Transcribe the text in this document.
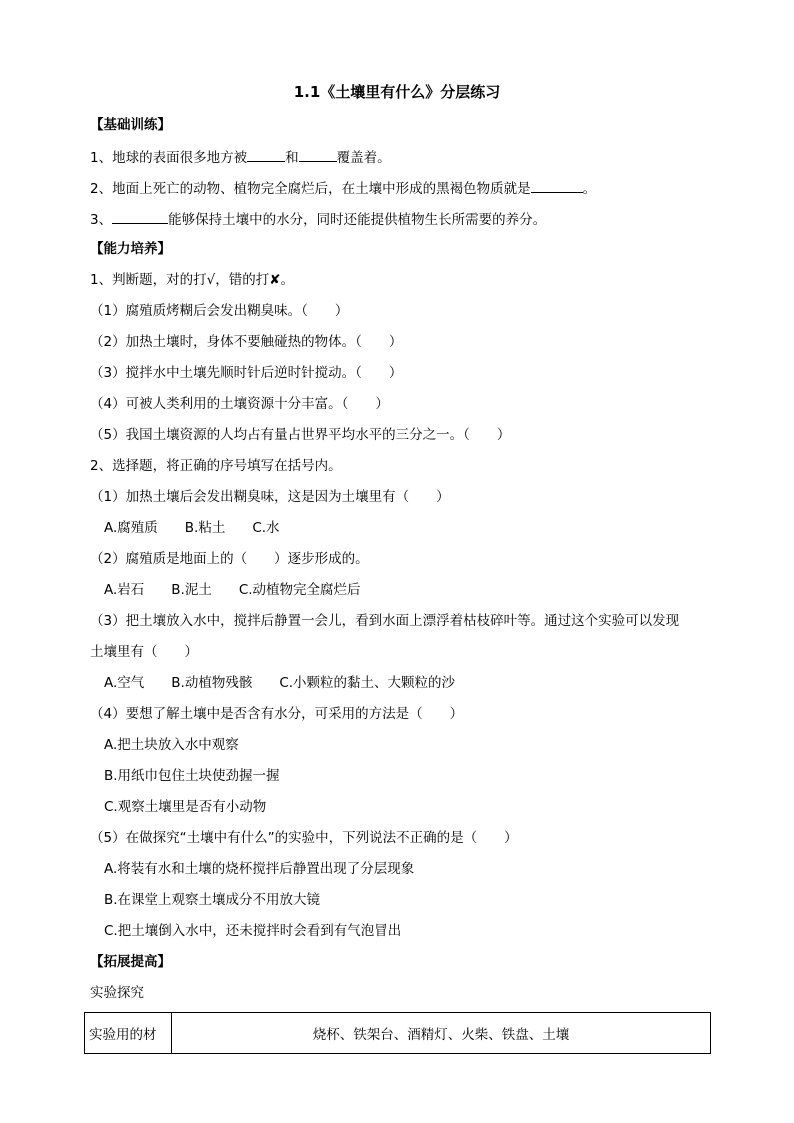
1.1《土壤里有什么》分层练习
【基础训练】
1、地球的表面很多地方被	和	覆盖着。
2、地面上死亡的动物、植物完全腐烂后，在土壤中形成的黑褐色物质就是	。
3、	能够保持土壤中的水分，同时还能提供植物生长所需要的养分。
【能力培养】
1、判断题，对的打√，错的打✘。
（1）腐殖质烤糊后会发出糊臭味。（　　）
（2）加热土壤时，身体不要触碰热的物体。（　　）
（3）搅拌水中土壤先顺时针后逆时针搅动。（　　）
（4）可被人类利用的土壤资源十分丰富。（　　）
（5）我国土壤资源的人均占有量占世界平均水平的三分之一。（　　）
2、选择题，将正确的序号填写在括号内。
（1）加热土壤后会发出糊臭味，这是因为土壤里有（　　）
A.腐殖质　　B.粘土　　C.水
（2）腐殖质是地面上的（　　）逐步形成的。
A.岩石　　B.泥土　　C.动植物完全腐烂后
（3）把土壤放入水中，搅拌后静置一会儿，看到水面上漂浮着枯枝碎叶等。通过这个实验可以发现
土壤里有（　　）
A.空气　　B.动植物残骸　　C.小颗粒的黏土、大颗粒的沙
（4）要想了解土壤中是否含有水分，可采用的方法是（　　）
A.把土块放入水中观察
B.用纸巾包住土块使劲握一握
C.观察土壤里是否有小动物
（5）在做探究“土壤中有什么”的实验中，下列说法不正确的是（　　）
A.将装有水和土壤的烧杯搅拌后静置出现了分层现象
B.在课堂上观察土壤成分不用放大镜
C.把土壤倒入水中，还未搅拌时会看到有气泡冒出
【拓展提高】
实验探究
实验用的材	烧杯、铁架台、酒精灯、火柴、铁盘、土壤
